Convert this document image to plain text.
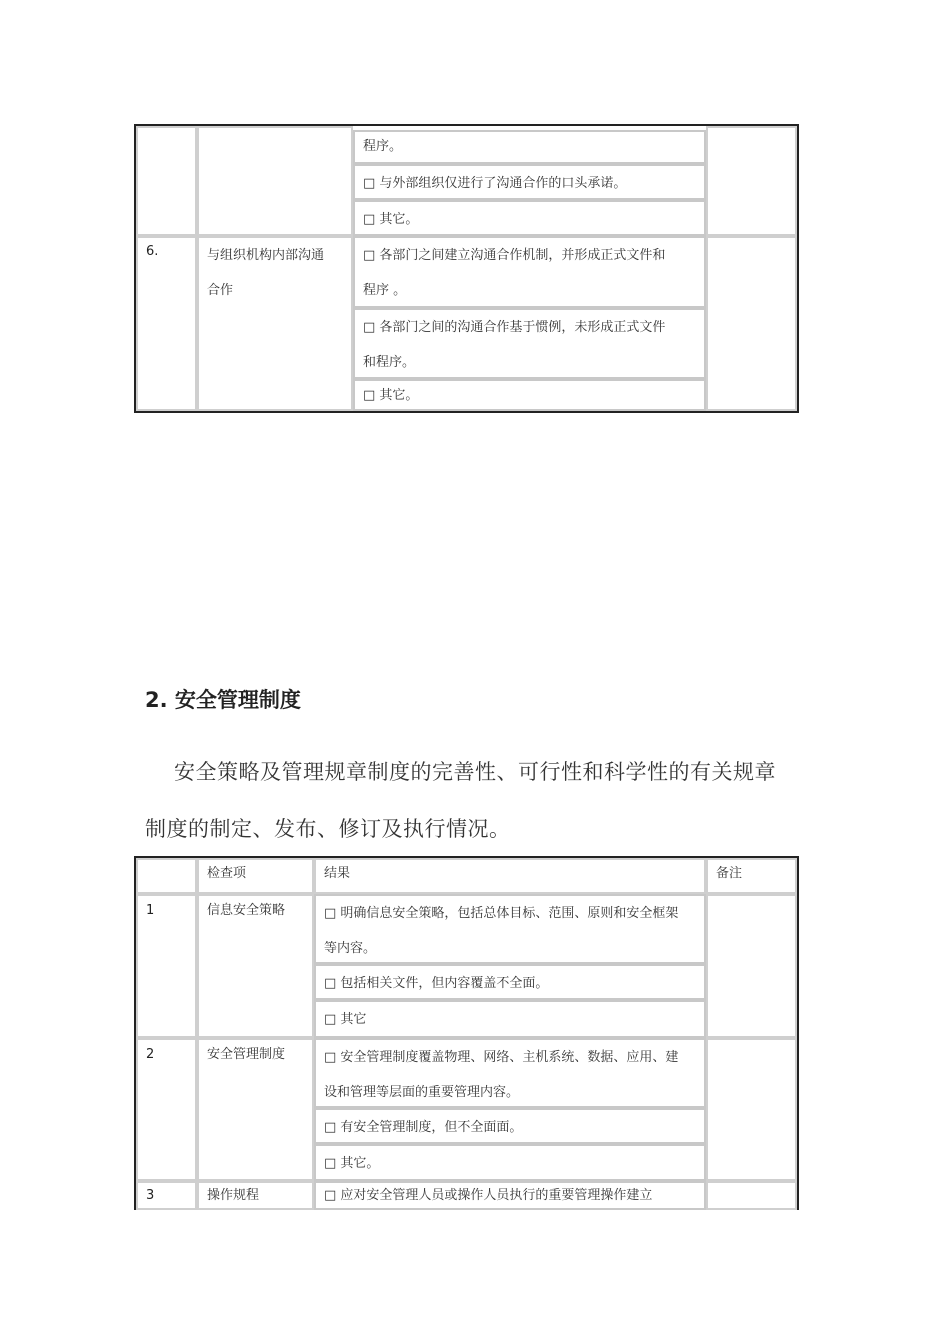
程序。
□ 与外部组织仅进行了沟通合作的口头承诺。
□ 其它。
6.	与组织机构内部沟通
合作
□ 各部门之间建立沟通合作机制，并形成正式文件和
程序 。
□ 各部门之间的沟通合作基于惯例，未形成正式文件
和程序。
□ 其它。
2. 安全管理制度
安全策略及管理规章制度的完善性、可行性和科学性的有关规章
制度的制定、发布、修订及执行情况。
检查项	结果	备注
1	信息安全策略	□ 明确信息安全策略，包括总体目标、范围、原则和安全框架
等内容。
□ 包括相关文件，但内容覆盖不全面。
□ 其它
2	安全管理制度	□ 安全管理制度覆盖物理、网络、主机系统、数据、应用、建
设和管理等层面的重要管理内容。
□ 有安全管理制度，但不全面面。
□ 其它。
3	操作规程	□ 应对安全管理人员或操作人员执行的重要管理操作建立
